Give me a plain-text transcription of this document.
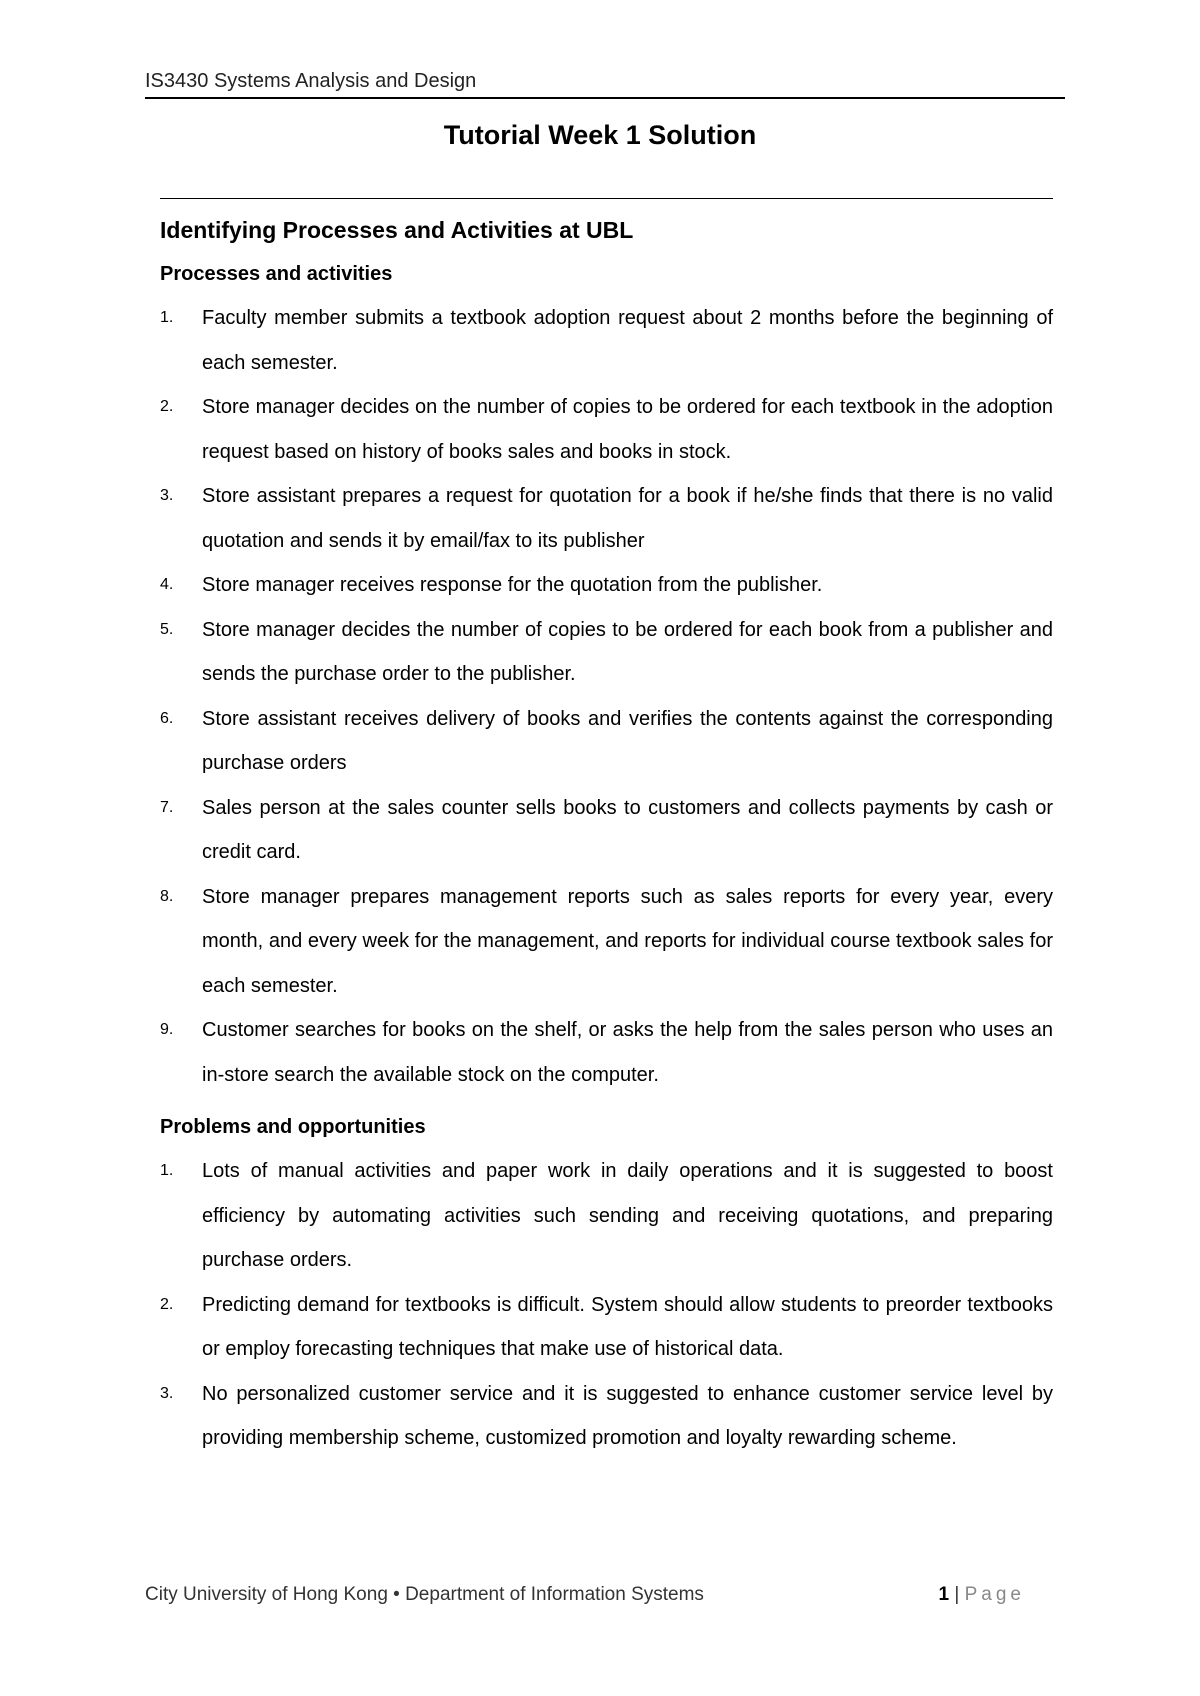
IS3430 Systems Analysis and Design
Tutorial Week 1 Solution
Identifying Processes and Activities at UBL
Processes and activities
1. Faculty member submits a textbook adoption request about 2 months before the beginning of each semester.
2. Store manager decides on the number of copies to be ordered for each textbook in the adoption request based on history of books sales and books in stock.
3. Store assistant prepares a request for quotation for a book if he/she finds that there is no valid quotation and sends it by email/fax to its publisher
4. Store manager receives response for the quotation from the publisher.
5. Store manager decides the number of copies to be ordered for each book from a publisher and sends the purchase order to the publisher.
6. Store assistant receives delivery of books and verifies the contents against the corresponding purchase orders
7. Sales person at the sales counter sells books to customers and collects payments by cash or credit card.
8. Store manager prepares management reports such as sales reports for every year, every month, and every week for the management, and reports for individual course textbook sales for each semester.
9. Customer searches for books on the shelf, or asks the help from the sales person who uses an in-store search the available stock on the computer.
Problems and opportunities
1. Lots of manual activities and paper work in daily operations and it is suggested to boost efficiency by automating activities such sending and receiving quotations, and preparing purchase orders.
2. Predicting demand for textbooks is difficult. System should allow students to preorder textbooks or employ forecasting techniques that make use of historical data.
3. No personalized customer service and it is suggested to enhance customer service level by providing membership scheme, customized promotion and loyalty rewarding scheme.
City University of Hong Kong • Department of Information Systems	1 | Page
